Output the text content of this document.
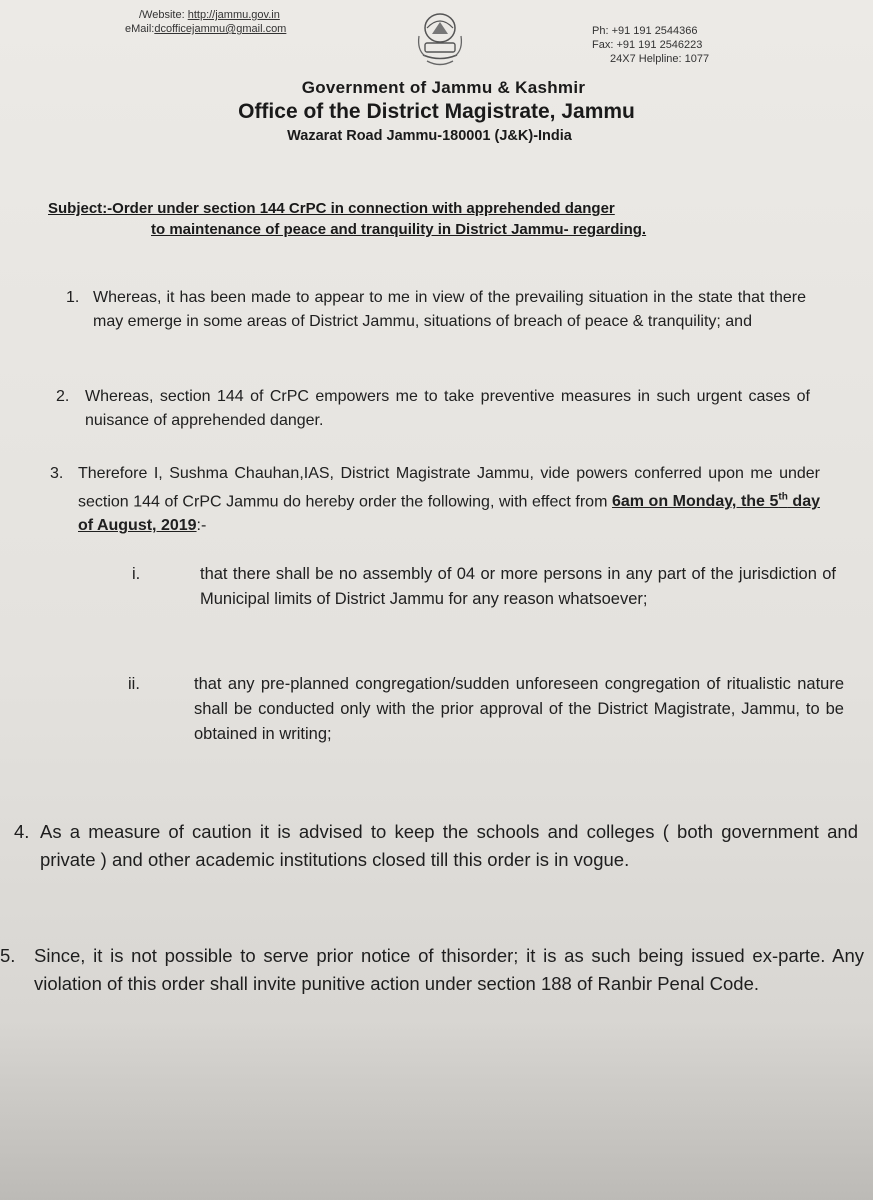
/Website: http://jammu.gov.in
eMail:dcofficejammu@gmail.com	Ph: +91 191 2544366
Fax: +91 191 2546223
24X7 Helpline: 1077
Government of Jammu & Kashmir
Office of the District Magistrate, Jammu
Wazarat Road Jammu-180001 (J&K)-India
Subject:-Order under section 144 CrPC in connection with apprehended danger
to maintenance of peace and tranquility in District Jammu- regarding.
1. Whereas, it has been made to appear to me in view of the prevailing situation in the state that there may emerge in some areas of District Jammu, situations of breach of peace & tranquility; and
2. Whereas, section 144 of CrPC empowers me to take preventive measures in such urgent cases of nuisance of apprehended danger.
3. Therefore I, Sushma Chauhan,IAS, District Magistrate Jammu, vide powers conferred upon me under section 144 of CrPC Jammu do hereby order the following, with effect from 6am on Monday, the 5th day of August, 2019:-
i.	that there shall be no assembly of 04 or more persons in any part of the jurisdiction of Municipal limits of District Jammu for any reason whatsoever;
ii.	that any pre-planned congregation/sudden unforeseen congregation of ritualistic nature shall be conducted only with the prior approval of the District Magistrate, Jammu, to be obtained in writing;
4. As a measure of caution it is advised to keep the schools and colleges ( both government and private ) and other academic institutions closed till this order is in vogue.
5. Since, it is not possible to serve prior notice of thisorder; it is as such being issued ex-parte. Any violation of this order shall invite punitive action under section 188 of Ranbir Penal Code.
